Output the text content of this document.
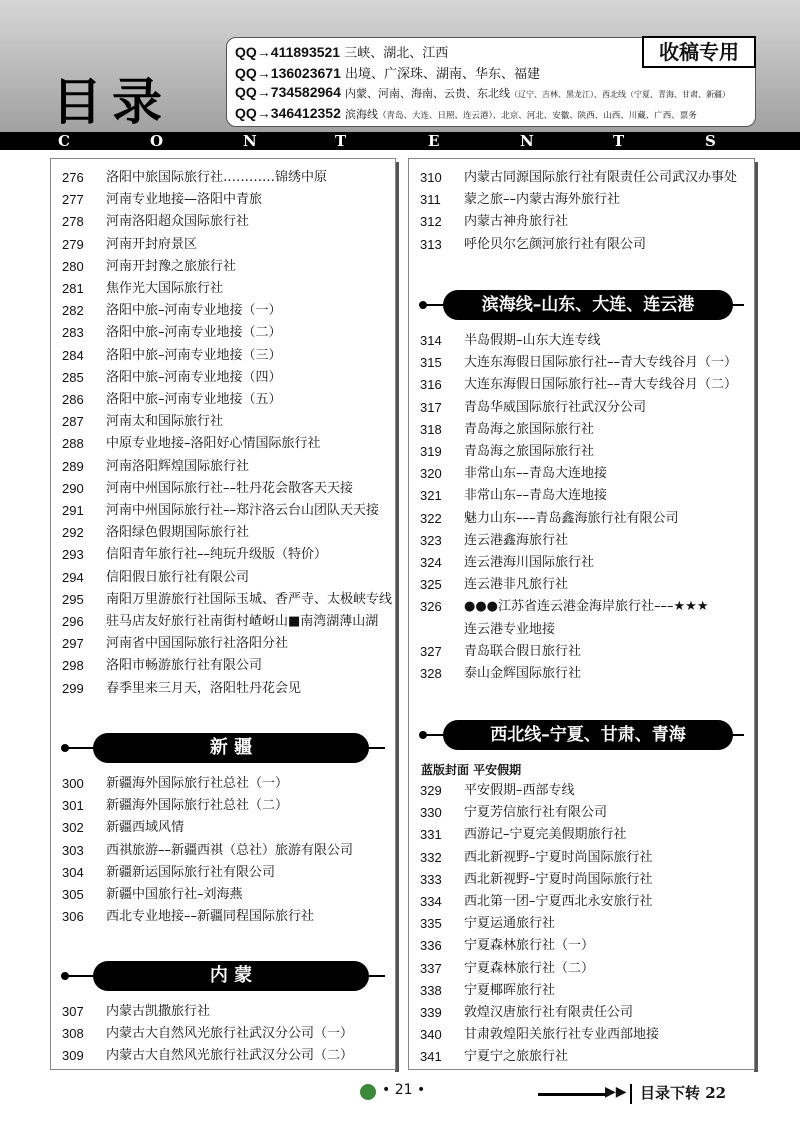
目录
QQ→411893521 三峡、湖北、江西
QQ→136023671 出境、广深珠、湖南、华东、福建
QQ→734582964 内蒙、河南、海南、云贵、东北线（辽宁、吉林、黑龙江）、西北线（宁夏、青海、甘肃、新疆）
QQ→346412352 滨海线（青岛、大连、日照、连云港）、北京、河北、安徽、陕西、山西、川藏、广西、票务
收稿专用
C	O	N	T	E	N	T	S
276	洛阳中旅国际旅行社…………锦绣中原
277	河南专业地接—洛阳中青旅
278	河南洛阳超众国际旅行社
279	河南开封府景区
280	河南开封豫之旅旅行社
281	焦作光大国际旅行社
282	洛阳中旅–河南专业地接（一）
283	洛阳中旅–河南专业地接（二）
284	洛阳中旅–河南专业地接（三）
285	洛阳中旅–河南专业地接（四）
286	洛阳中旅–河南专业地接（五）
287	河南太和国际旅行社
288	中原专业地接–洛阳好心情国际旅行社
289	河南洛阳辉煌国际旅行社
290	河南中州国际旅行社––牡丹花会散客天天接
291	河南中州国际旅行社––郑汴洛云台山团队天天接
292	洛阳绿色假期国际旅行社
293	信阳青年旅行社––纯玩升级版（特价）
294	信阳假日旅行社有限公司
295	南阳万里游旅行社国际玉城、香严寺、太极峡专线
296	驻马店友好旅行社南街村嵖岈山■南湾湖薄山湖
297	河南省中国国际旅行社洛阳分社
298	洛阳市畅游旅行社有限公司
299	春季里来三月天，洛阳牡丹花会见
新 疆
300	新疆海外国际旅行社总社（一）
301	新疆海外国际旅行社总社（二）
302	新疆西域风情
303	西祺旅游––新疆西祺（总社）旅游有限公司
304	新疆新运国际旅行社有限公司
305	新疆中国旅行社–刘海燕
306	西北专业地接––新疆同程国际旅行社
内 蒙
307	内蒙古凯撒旅行社
308	内蒙古大自然风光旅行社武汉分公司（一）
309	内蒙古大自然风光旅行社武汉分公司（二）
310	内蒙古同源国际旅行社有限责任公司武汉办事处
311	蒙之旅––内蒙古海外旅行社
312	内蒙古神舟旅行社
313	呼伦贝尔乞颜河旅行社有限公司
滨海线–山东、大连、连云港
314	半岛假期–山东大连专线
315	大连东海假日国际旅行社––青大专线谷月（一）
316	大连东海假日国际旅行社––青大专线谷月（二）
317	青岛华威国际旅行社武汉分公司
318	青岛海之旅国际旅行社
319	青岛海之旅国际旅行社
320	非常山东––青岛大连地接
321	非常山东––青岛大连地接
322	魅力山东–––青岛鑫海旅行社有限公司
323	连云港鑫海旅行社
324	连云港海川国际旅行社
325	连云港非凡旅行社
326	●●●江苏省连云港金海岸旅行社–––★★★
连云港专业地接
327	青岛联合假日旅行社
328	泰山金辉国际旅行社
西北线–宁夏、甘肃、青海
蓝版封面 平安假期
329	平安假期–西部专线
330	宁夏芳信旅行社有限公司
331	西游记–宁夏完美假期旅行社
332	西北新视野–宁夏时尚国际旅行社
333	西北新视野–宁夏时尚国际旅行社
334	西北第一团–宁夏西北永安旅行社
335	宁夏运通旅行社
336	宁夏森林旅行社（一）
337	宁夏森林旅行社（二）
338	宁夏椰晖旅行社
339	敦煌汉唐旅行社有限责任公司
340	甘肃敦煌阳关旅行社专业西部地接
341	宁夏宁之旅旅行社
• 21 •	▶▶ 目录下转 22
